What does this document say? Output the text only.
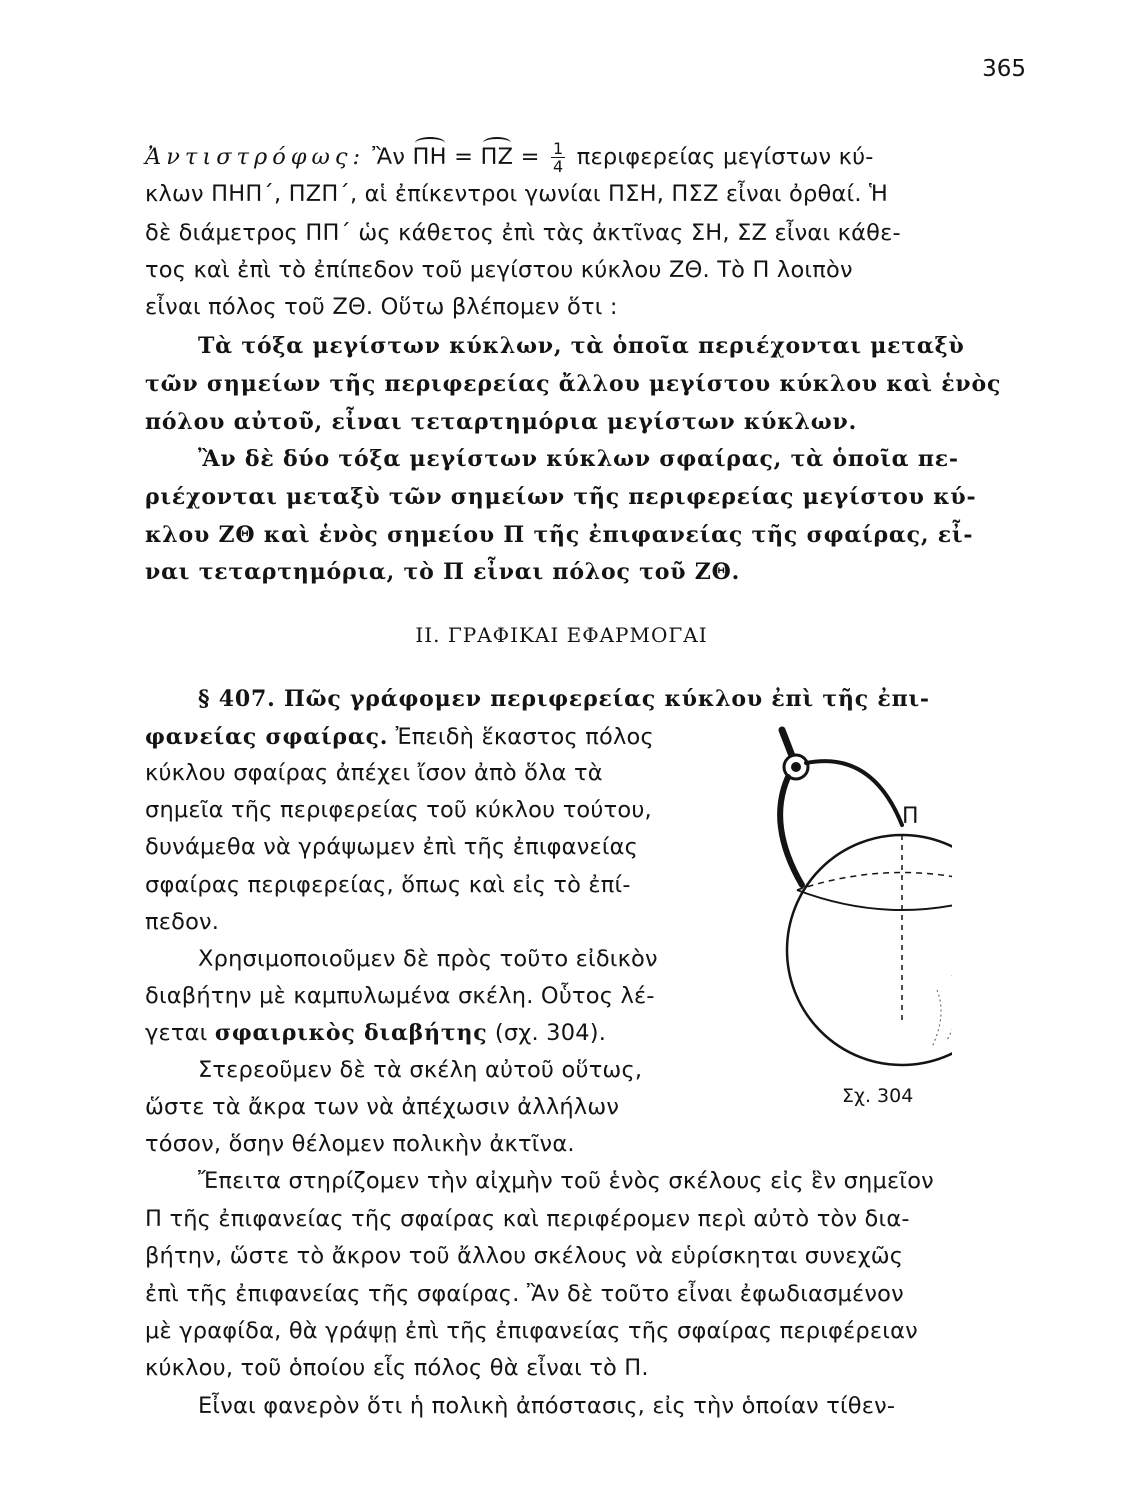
365
Ἀντιστρόφως: Ἂν $\Pi H = \Pi Z = \frac{1}{4}$ περιφερείας μεγίστων κύ-
κλων ΠΗΠ΄, ΠΖΠ΄, αἱ ἐπίκεντροι γωνίαι ΠΣΗ, ΠΣΖ εἶναι ὀρθαί. Ἡ
δὲ διάμετρος ΠΠ΄ ὡς κάθετος ἐπὶ τὰς ἀκτῖνας ΣΗ, ΣΖ εἶναι κάθε-
τος καὶ ἐπὶ τὸ ἐπίπεδον τοῦ μεγίστου κύκλου ΖΘ. Τὸ Π λοιπὸν
εἶναι πόλος τοῦ ΖΘ. Οὕτω βλέπομεν ὅτι :
Τὰ τόξα μεγίστων κύκλων, τὰ ὁποῖα περιέχονται μεταξὺ
τῶν σημείων τῆς περιφερείας ἄλλου μεγίστου κύκλου καὶ ἑνὸς
πόλου αὐτοῦ, εἶναι τεταρτημόρια μεγίστων κύκλων.
Ἂν δὲ δύο τόξα μεγίστων κύκλων σφαίρας, τὰ ὁποῖα πε-
ριέχονται μεταξὺ τῶν σημείων τῆς περιφερείας μεγίστου κύ-
κλου ΖΘ καὶ ἑνὸς σημείου Π τῆς ἐπιφανείας τῆς σφαίρας, εἶ-
ναι τεταρτημόρια, τὸ Π εἶναι πόλος τοῦ ΖΘ.
ΙΙ. ΓΡΑΦΙΚΑΙ ΕΦΑΡΜΟΓΑΙ
§ 407. Πῶς γράφομεν περιφερείας κύκλου ἐπὶ τῆς ἐπι-
φανείας σφαίρας. Ἐπειδὴ ἕκαστος πόλος
κύκλου σφαίρας ἀπέχει ἴσον ἀπὸ ὅλα τὰ
σημεῖα τῆς περιφερείας τοῦ κύκλου τούτου,
δυνάμεθα νὰ γράψωμεν ἐπὶ τῆς ἐπιφανείας
σφαίρας περιφερείας, ὅπως καὶ εἰς τὸ ἐπί-
πεδον.
Χρησιμοποιοῦμεν δὲ πρὸς τοῦτο εἰδικὸν
διαβήτην μὲ καμπυλωμένα σκέλη. Οὗτος λέ-
γεται σφαιρικὸς διαβήτης (σχ. 304).
Στερεοῦμεν δὲ τὰ σκέλη αὐτοῦ οὕτως,
ὥστε τὰ ἄκρα των νὰ ἀπέχωσιν ἀλλήλων
τόσον, ὅσην θέλομεν πολικὴν ἀκτῖνα.
Ἔπειτα στηρίζομεν τὴν αἰχμὴν τοῦ ἑνὸς σκέλους εἰς ἓν σημεῖον
Π τῆς ἐπιφανείας τῆς σφαίρας καὶ περιφέρομεν περὶ αὐτὸ τὸν δια-
βήτην, ὥστε τὸ ἄκρον τοῦ ἄλλου σκέλους νὰ εὑρίσκηται συνεχῶς
ἐπὶ τῆς ἐπιφανείας τῆς σφαίρας. Ἂν δὲ τοῦτο εἶναι ἐφωδιασμένον
μὲ γραφίδα, θὰ γράψῃ ἐπὶ τῆς ἐπιφανείας τῆς σφαίρας περιφέρειαν
κύκλου, τοῦ ὁποίου εἷς πόλος θὰ εἶναι τὸ Π.
Εἶναι φανερὸν ὅτι ἡ πολικὴ ἀπόστασις, εἰς τὴν ὁποίαν τίθεν-
Π
Σχ. 304
